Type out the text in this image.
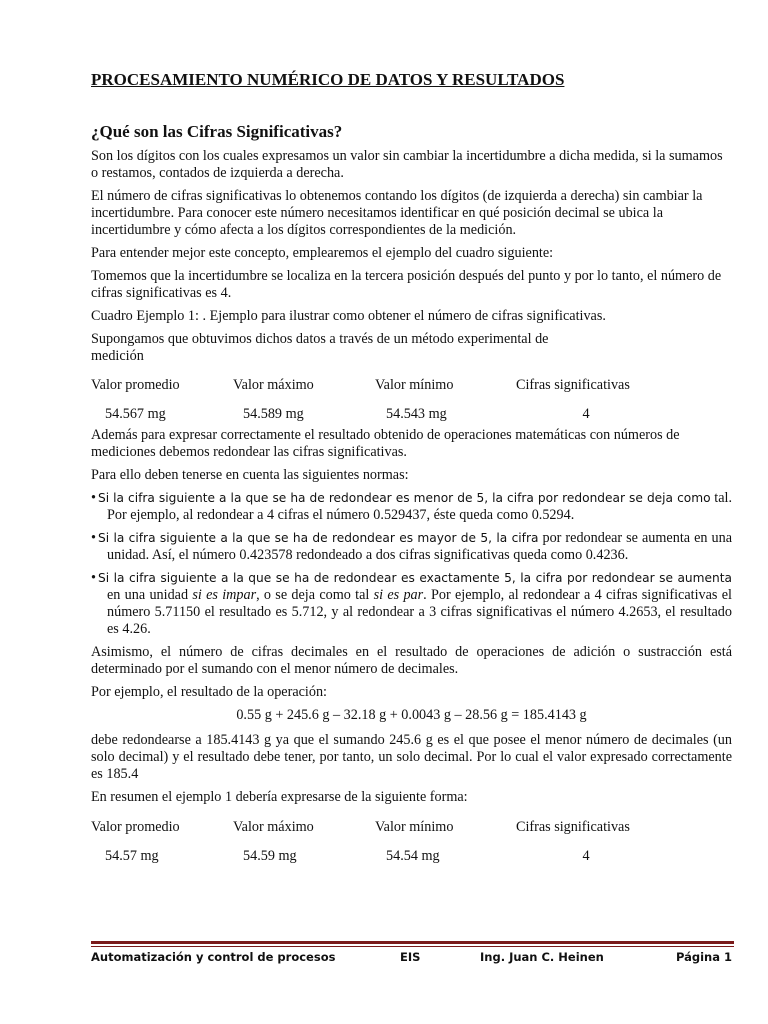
PROCESAMIENTO NUMÉRICO DE DATOS Y RESULTADOS
¿Qué son las Cifras Significativas?

Son los dígitos con los cuales expresamos un valor sin cambiar la incertidumbre a dicha medida, si la sumamos o restamos, contados de izquierda a derecha.

El número de cifras significativas lo obtenemos contando los dígitos (de izquierda a derecha) sin cambiar la incertidumbre. Para conocer este número necesitamos identificar en qué posición decimal se ubica la incertidumbre y cómo afecta a los dígitos correspondientes de la medición.

Para entender mejor este concepto, emplearemos el ejemplo del cuadro siguiente:

Tomemos que la incertidumbre se localiza en la tercera posición después del punto y por lo tanto, el número de cifras significativas es 4.

Cuadro Ejemplo 1: . Ejemplo para ilustrar como obtener el número de cifras significativas.

Supongamos que obtuvimos dichos datos a través de un método experimental de
medición

Valor promedio	Valor máximo	Valor mínimo	Cifras significativas
54.567 mg	54.589 mg	54.543 mg	4

Además para expresar correctamente el resultado obtenido de operaciones matemáticas con números de mediciones debemos redondear las cifras significativas.

Para ello deben tenerse en cuenta las siguientes normas:

• Si la cifra siguiente a la que se ha de redondear es menor de 5, la cifra por redondear se deja como tal. Por ejemplo, al redondear a 4 cifras el número 0.529437, éste queda como 0.5294.
• Si la cifra siguiente a la que se ha de redondear es mayor de 5, la cifra por redondear se aumenta en una unidad. Así, el número 0.423578 redondeado a dos cifras significativas queda como 0.4236.
• Si la cifra siguiente a la que se ha de redondear es exactamente 5, la cifra por redondear se aumenta en una unidad si es impar, o se deja como tal si es par. Por ejemplo, al redondear a 4 cifras significativas el número 5.71150 el resultado es 5.712, y al redondear a 3 cifras significativas el número 4.2653, el resultado es 4.26.

Asimismo, el número de cifras decimales en el resultado de operaciones de adición o sustracción está determinado por el sumando con el menor número de decimales.

Por ejemplo, el resultado de la operación:

0.55 g + 245.6 g – 32.18 g + 0.0043 g – 28.56 g = 185.4143 g

debe redondearse a 185.4143 g ya que el sumando 245.6 g es el que posee el menor número de decimales (un solo decimal) y el resultado debe tener, por tanto, un solo decimal. Por lo cual el valor expresado correctamente es 185.4

En resumen el ejemplo 1 debería expresarse de la siguiente forma:

Valor promedio	Valor máximo	Valor mínimo	Cifras significativas
54.57 mg	54.59 mg	54.54 mg	4
Automatización y control de procesos	EIS	Ing. Juan C. Heinen	Página 1
